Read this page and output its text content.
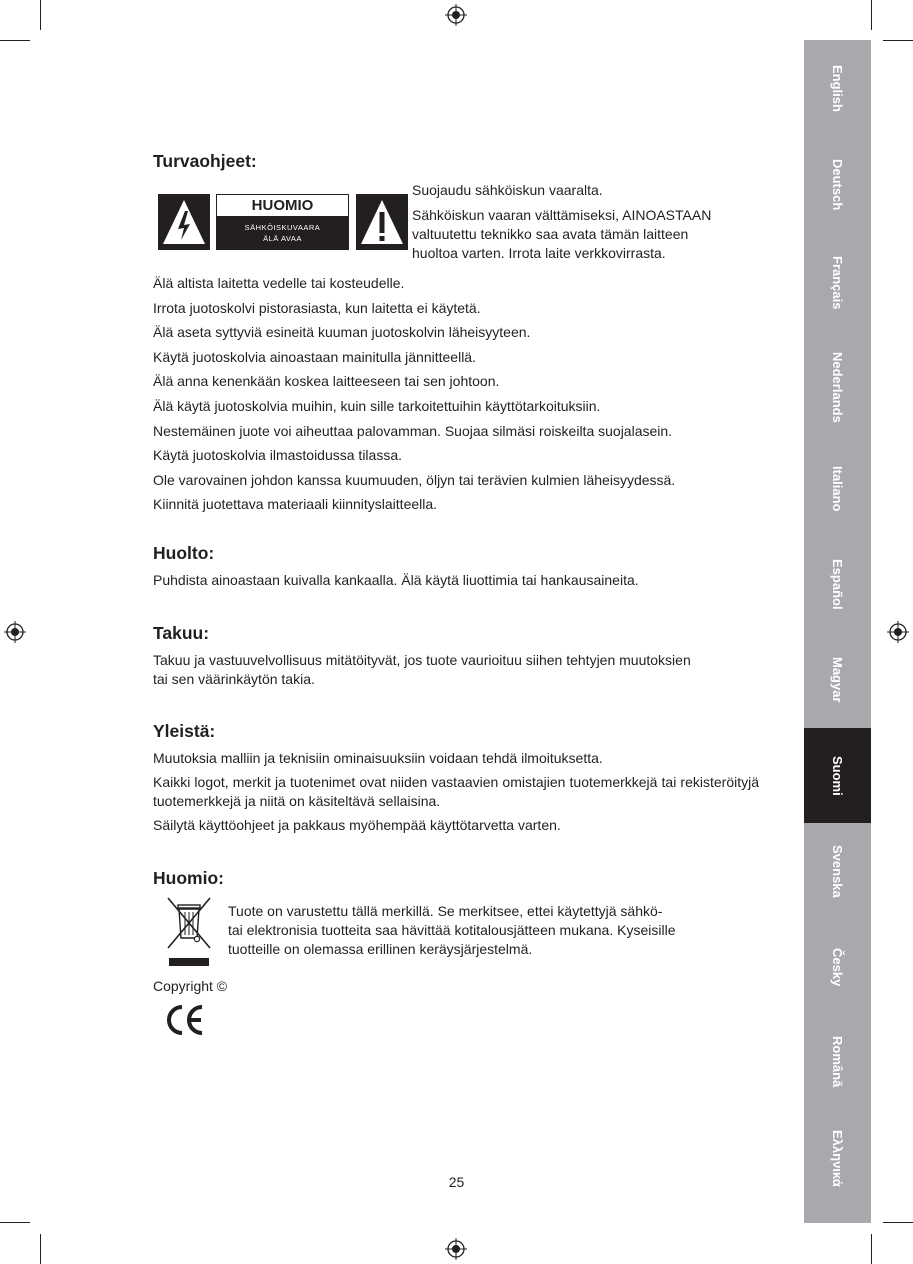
Turvaohjeet:
HUOMIO
SÄHKÖISKUVAARA
ÄLÄ AVAA
Suojaudu sähköiskun vaaralta.
Sähköiskun vaaran välttämiseksi, AINOASTAAN
valtuutettu teknikko saa avata tämän laitteen
huoltoa varten. Irrota laite verkkovirrasta.
Älä altista laitetta vedelle tai kosteudelle.
Irrota juotoskolvi pistorasiasta, kun laitetta ei käytetä.
Älä aseta syttyviä esineitä kuuman juotoskolvin läheisyyteen.
Käytä juotoskolvia ainoastaan mainitulla jännitteellä.
Älä anna kenenkään koskea laitteeseen tai sen johtoon.
Älä käytä juotoskolvia muihin, kuin sille tarkoitettuihin käyttötarkoituksiin.
Nestemäinen juote voi aiheuttaa palovamman. Suojaa silmäsi roiskeilta suojalasein.
Käytä juotoskolvia ilmastoidussa tilassa.
Ole varovainen johdon kanssa kuumuuden, öljyn tai terävien kulmien läheisyydessä.
Kiinnitä juotettava materiaali kiinnityslaitteella.
Huolto:
Puhdista ainoastaan kuivalla kankaalla. Älä käytä liuottimia tai hankausaineita.
Takuu:
Takuu ja vastuuvelvollisuus mitätöityvät, jos tuote vaurioituu siihen tehtyjen muutoksien
tai sen väärinkäytön takia.
Yleistä:
Muutoksia malliin ja teknisiin ominaisuuksiin voidaan tehdä ilmoituksetta.
Kaikki logot, merkit ja tuotenimet ovat niiden vastaavien omistajien tuotemerkkejä tai rekisteröityjä tuotemerkkejä ja niitä on käsiteltävä sellaisina.
Säilytä käyttöohjeet ja pakkaus myöhempää käyttötarvetta varten.
Huomio:
Tuote on varustettu tällä merkillä. Se merkitsee, ettei käytettyjä sähkö-
tai elektronisia tuotteita saa hävittää kotitalousjätteen mukana. Kyseisille
tuotteille on olemassa erillinen keräysjärjestelmä.
Copyright ©
English
Deutsch
Français
Nederlands
Italiano
Español
Magyar
Suomi
Svenska
Česky
Română
Ελληνικά
25
